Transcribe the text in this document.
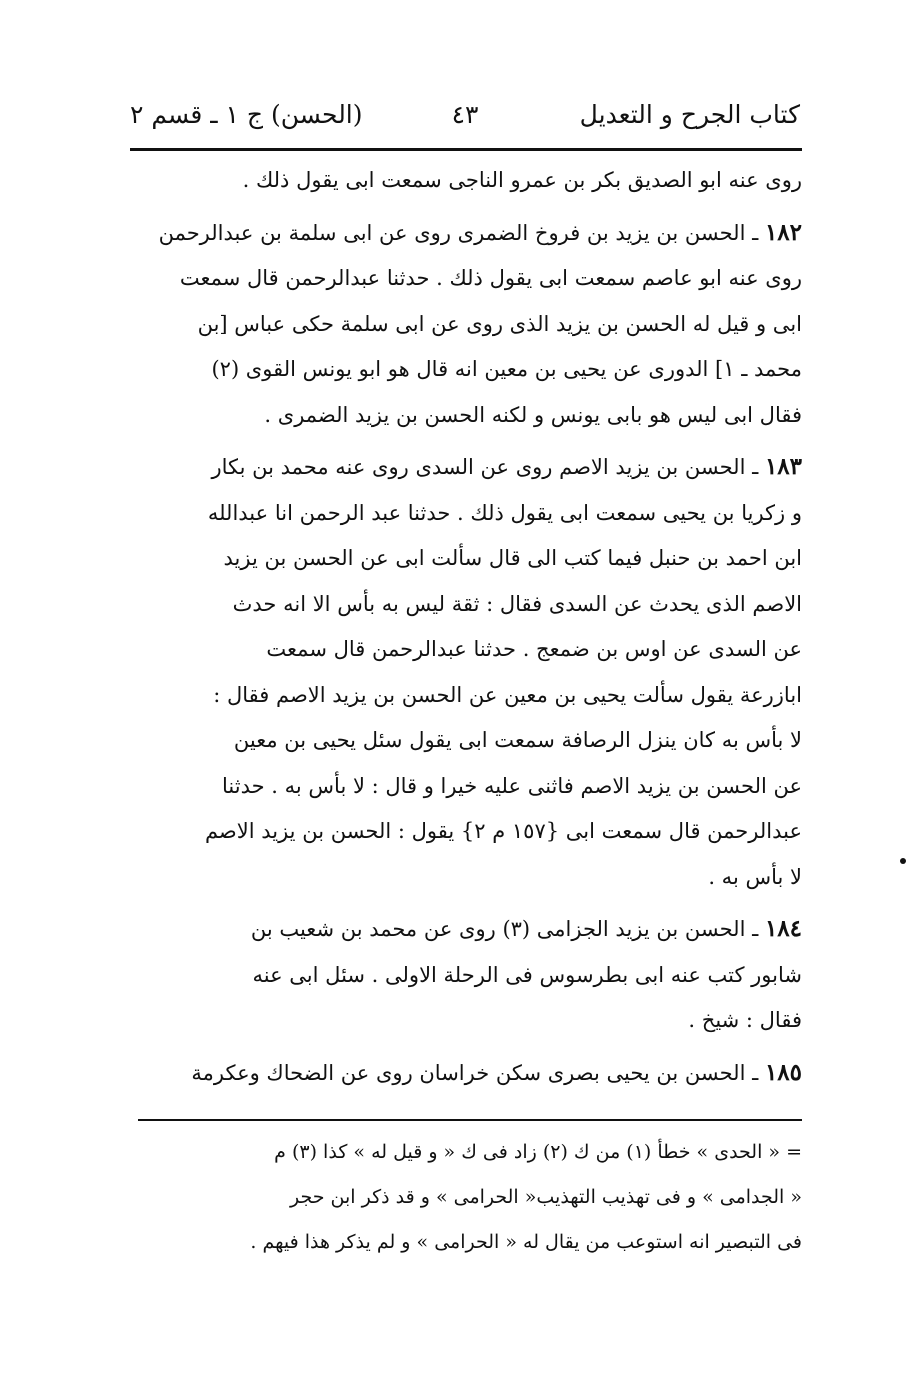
كتاب الجرح و التعديل
٤٣
(الحسن) ج ١ ـ قسم ٢

روى عنه ابو الصديق بكر بن عمرو الناجى سمعت ابى يقول ذلك .

١٨٢ ـ الحسن بن يزيد بن فروخ الضمرى روى عن ابى سلمة بن عبدالرحمن

روى عنه ابو عاصم سمعت ابى يقول ذلك . حدثنا عبدالرحمن قال سمعت

ابى و قيل له الحسن بن يزيد الذى روى عن ابى سلمة حكى عباس [بن

محمد ـ ١] الدورى عن يحيى بن معين انه قال هو ابو يونس القوى (٢)

فقال ابى ليس هو بابى يونس و لكنه الحسن بن يزيد الضمرى .

١٨٣ ـ الحسن بن يزيد الاصم روى عن السدى روى عنه محمد بن بكار

و زكريا بن يحيى سمعت ابى يقول ذلك . حدثنا عبد الرحمن انا عبدالله

ابن احمد بن حنبل فيما كتب الى قال سألت ابى عن الحسن بن يزيد

الاصم الذى يحدث عن السدى فقال : ثقة ليس به بأس الا انه حدث

عن السدى عن اوس بن ضمعج . حدثنا عبدالرحمن قال سمعت

ابازرعة يقول سألت يحيى بن معين عن الحسن بن يزيد الاصم فقال :

لا بأس به كان ينزل الرصافة سمعت ابى يقول سئل يحيى بن معين

عن الحسن بن يزيد الاصم فاثنى عليه خيرا و قال : لا بأس به . حدثنا

عبدالرحمن قال سمعت ابى {١٥٧ م ٢} يقول : الحسن بن يزيد الاصم

لا بأس به .

١٨٤ ـ الحسن بن يزيد الجزامى (٣) روى عن محمد بن شعيب بن

شابور كتب عنه ابى بطرسوس فى الرحلة الاولى . سئل ابى عنه

فقال : شيخ .

١٨٥ ـ الحسن بن يحيى بصرى سكن خراسان روى عن الضحاك وعكرمة

= « الحدى » خطأ (١) من ك (٢) زاد فى ك « و قيل له » كذا (٣) م

« الجدامى » و فى تهذيب التهذيب« الحرامى » و قد ذكر ابن حجر

فى التبصير انه استوعب من يقال له « الحرامى » و لم يذكر هذا فيهم .
